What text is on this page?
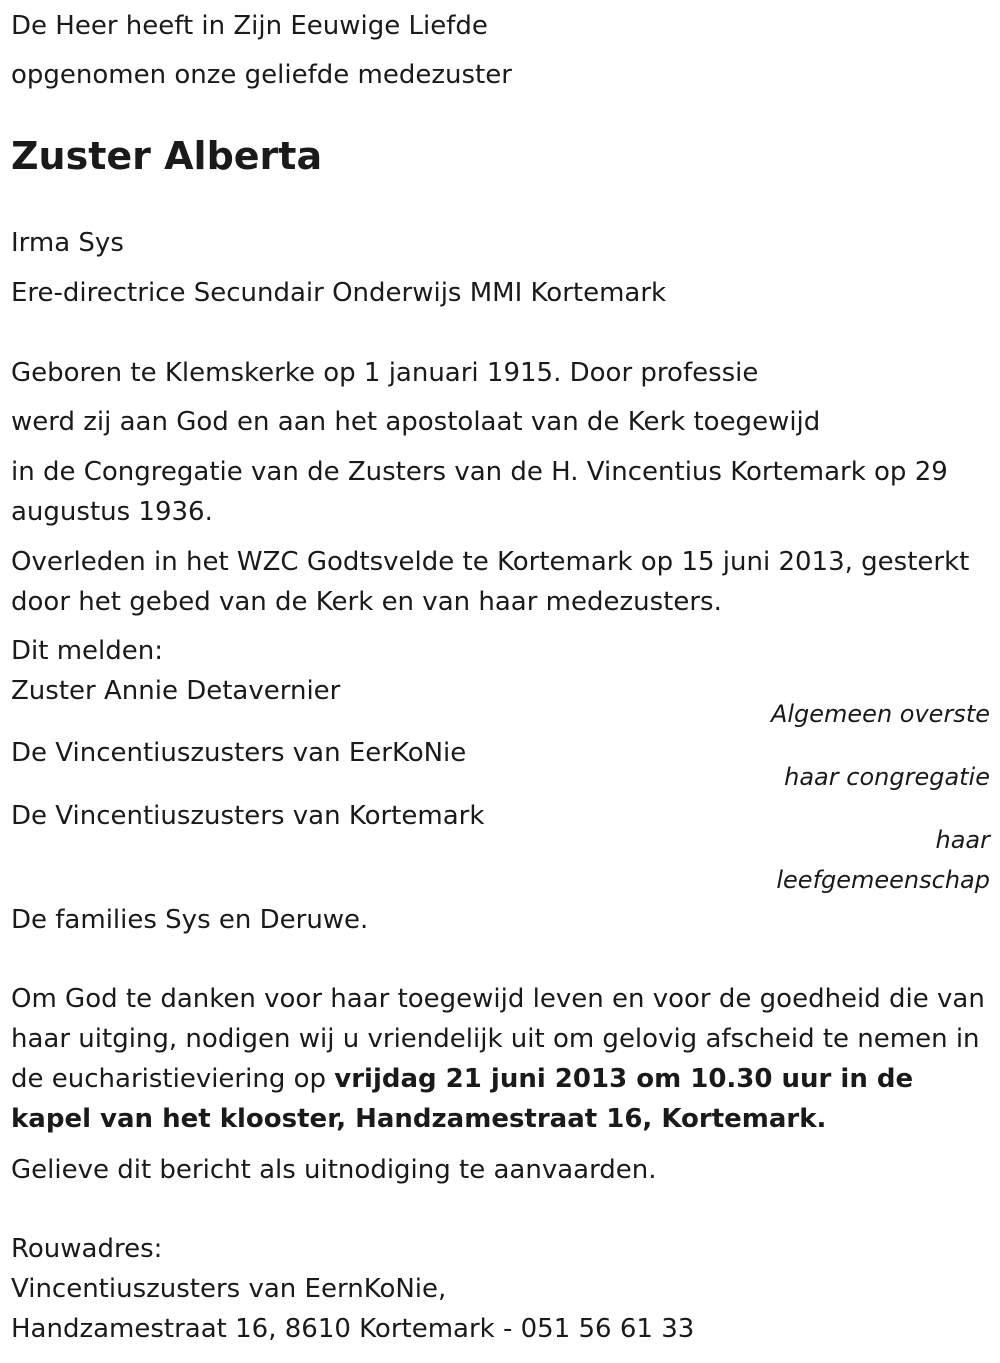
De Heer heeft in Zijn Eeuwige Liefde
opgenomen onze geliefde medezuster
Zuster Alberta
Irma Sys
Ere-directrice Secundair Onderwijs MMI Kortemark
Geboren te Klemskerke op 1 januari 1915. Door professie
werd zij aan God en aan het apostolaat van de Kerk toegewijd
in de Congregatie van de Zusters van de H. Vincentius Kortemark op 29 augustus 1936.
Overleden in het WZC Godtsvelde te Kortemark op 15 juni 2013, gesterkt door het gebed van de Kerk en van haar medezusters.
Dit melden:
Zuster Annie Detavernier
Algemeen overste
De Vincentiuszusters van EerKoNie
haar congregatie
De Vincentiuszusters van Kortemark
haar
leefgemeenschap
De families Sys en Deruwe.
Om God te danken voor haar toegewijd leven en voor de goedheid die van haar uitging, nodigen wij u vriendelijk uit om gelovig afscheid te nemen in de eucharistieviering op vrijdag 21 juni 2013 om 10.30 uur in de kapel van het klooster, Handzamestraat 16, Kortemark.
Gelieve dit bericht als uitnodiging te aanvaarden.
Rouwadres:
Vincentiuszusters van EernKoNie,
Handzamestraat 16, 8610 Kortemark - 051 56 61 33
